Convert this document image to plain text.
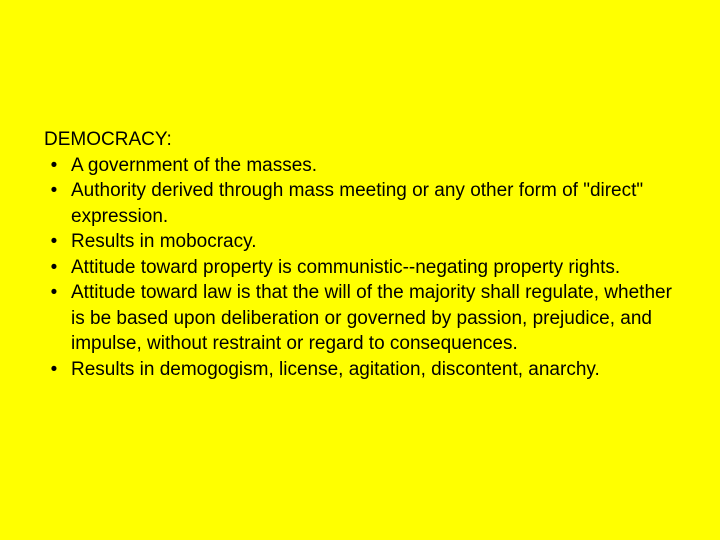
DEMOCRACY:
• A government of the masses.
• Authority derived through mass meeting or any other form of "direct" expression.
• Results in mobocracy.
• Attitude toward property is communistic--negating property rights.
• Attitude toward law is that the will of the majority shall regulate, whether is be based upon deliberation or governed by passion, prejudice, and impulse, without restraint or regard to consequences.
• Results in demogogism, license, agitation, discontent, anarchy.
